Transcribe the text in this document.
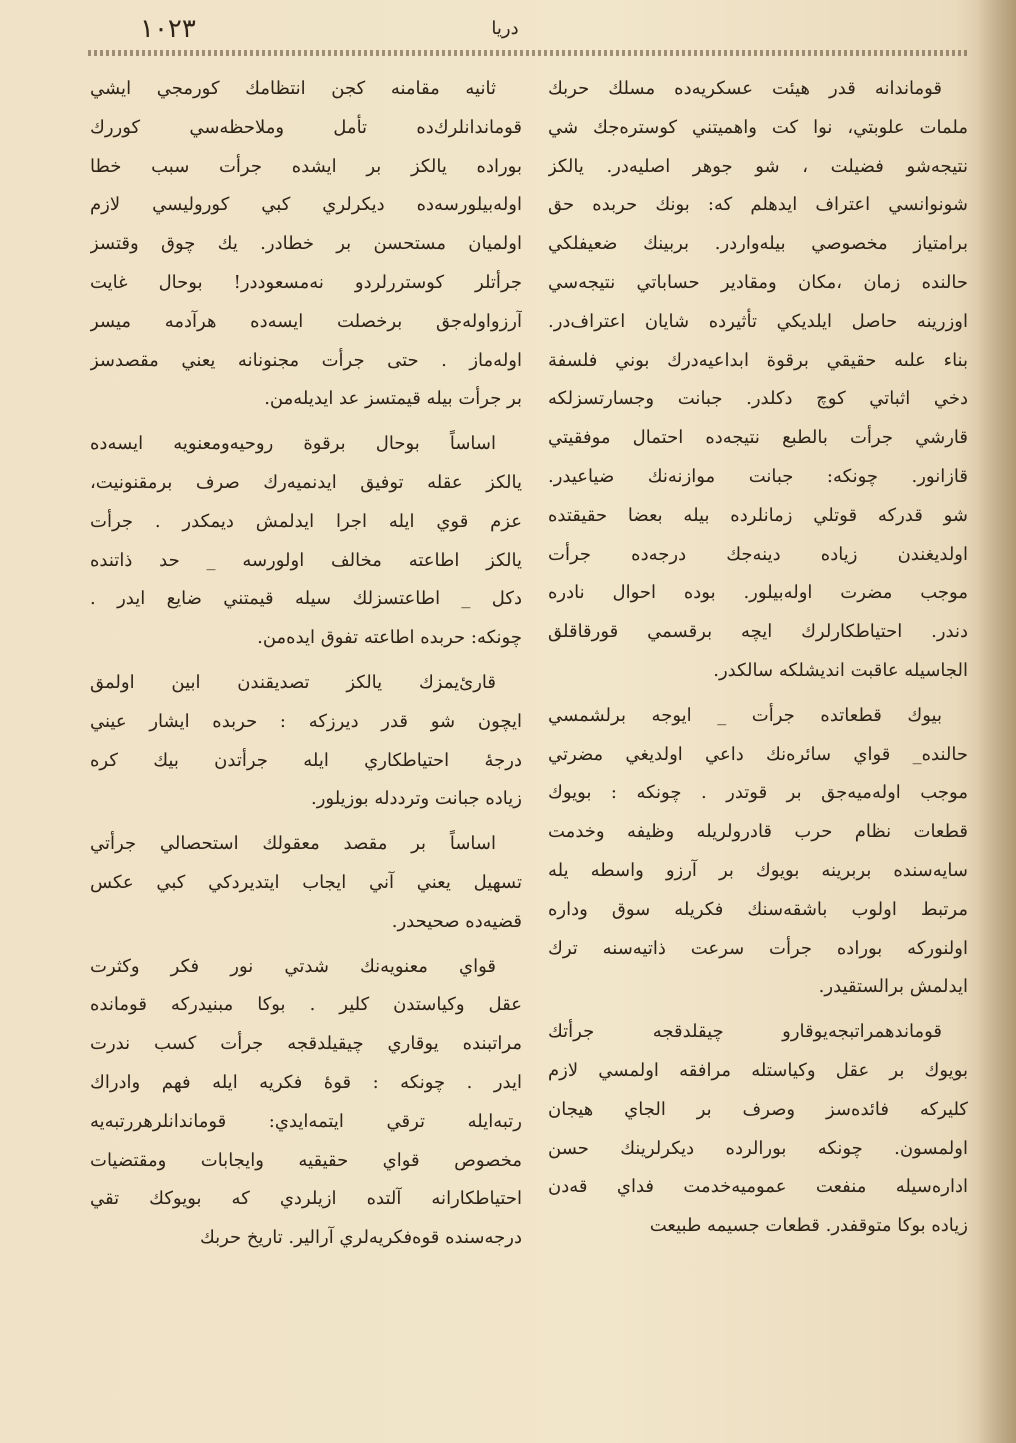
١٠٢٣	دريا
قوماندانه قدر هيئت عسكريه‌ده مسلك حربك
ملمات علوبتي، نوا كت واهميتني كوستره‌جك شي
نتيجه‌شو فضيلت ، شو جوهر اصليه‌در. يالكز
شونوانسي اعتراف ايدهلم كه: بونك حربده حق
برامتياز مخصوصي بيله‌واردر. بربينك ضعيفلكي
حالنده زمان ،مكان ومقادير حساباتي نتيجه‌سي
اوزرينه حاصل ايلديكي تأثيرده شايان اعتراف‌در.
بناء علىه حقيقي برقوة ابداعيه‌درك بوني فلسفة
دخي اثباتي كوچ دكلدر. جبانت وجسارتسزلكه
قارشي جرأت بالطبع نتيجه‌ده احتمال موفقيتي
قازانور. چونكه: جبانت موازنه‌نك ضياعيدر.
شو قدركه قوتلي زمانلرده بيله بعضا حقيقتده
اولديغندن زياده دينه‌جك درجه‌ده جرأت
موجب مضرت اوله‌بيلور. بوده احوال نادره‌
دندر. احتياطكارلرك ايچه برقسمي قورقاقلق
الجاسيله عاقبت انديشلكه سالكدر.
بيوك قطعاتده جرأت _ ايوجه برلشمسي
حالنده_ قواي سائره‌نك داعي اولديغي مضرتي
موجب اوله‌ميه‌جق بر قوتدر . چونكه : بويوك
قطعات نظام حرب قادرولريله وظيفه وخدمت
سايه‌سنده بربرينه بويوك بر آرزو واسطه يله
مرتبط اولوب باشقه‌سنك فكريله سوق وداره
اولنوركه بوراده جرأت سرعت ذاتيه‌سنه ترك
ايدلمش برالستقيدر.
قوماندهمراتبجه‌يوقارو چيقلدقجه جرأتك
بويوك بر عقل وكياستله مرافقه اولمسي لازم
كليركه فائده‌سز وصرف بر الجاي هيجان
اولمسون. چونكه بورالرده ديكرلرينك حسن
اداره‌سيله منفعت عموميه‌خدمت فداي قه‌دن
زياده بوكا متوقفدر. قطعات جسيمه طبيعت
ثانيه مقامنه كجن انتظامك كورمجي ايشي
قوماندانلرك‌ده تأمل وملاحظه‌سي كوررك
بوراده يالكز بر ايشده جرأت سبب خطا
اوله‌بيلورسه‌ده ديكرلري كبي كوروليسي لازم
اولميان مستحسن بر خطادر. يك چوق وقتسز
جرأتلر كوستررلردو نه‌مسعوددر! بوحال غايت
آرزواوله‌جق برخصلت ايسه‌ده هرآدمه ميسر
اوله‌ماز . حتى جرأت مجنونانه يعني مقصدسز
بر جرأت بيله قيمتسز عد ايديله‌من.
اساساً بوحال برقوة روحيه‌ومعنويه ايسه‌ده
يالكز عقله توفيق ايدنميه‌رك صرف برمقنونيت،
عزم قوي ايله اجرا ايدلمش ديمكدر . جرأت
يالكز اطاعته مخالف اولورسه _ حد ذاتنده
دكل _ اطاعتسزلك سيله قيمتني ضايع ايدر .
چونكه: حربده اطاعته تفوق ايده‌من.
قارئ‌يمزك يالكز تصديقندن ابين اولمق
ايچون شو قدر ديرزكه : حربده ايشار عيني
درجهٔ احتياطكاري ايله جرأتدن بيك كره
زياده جبانت وترددله بوزيلور.
اساساً بر مقصد معقولك استحصالي جرأتي
تسهيل يعني آني ايجاب ايتديردكي كبي عكس
قضيه‌ده صحيحدر.
قواي معنويه‌نك شدتي نور فكر وكثرت
عقل وكياستدن كلير . بوكا مبنيدركه قومانده
مراتبنده يوقاري چيقيلدقجه جرأت كسب ندرت
ايدر . چونكه : قوهٔ فكريه ايله فهم وادراك
رتبه‌ايله ترقي ايتمه‌ايدي: قوماندانلرهررتبه‌يه
مخصوص قواي حقيقيه وايجابات ومقتضيات
احتياطكارانه آلتده ازيلردي كه بويوكك تقي
درجه‌سنده قوه‌فكريه‌لري آرالير. تاريخ حربك
